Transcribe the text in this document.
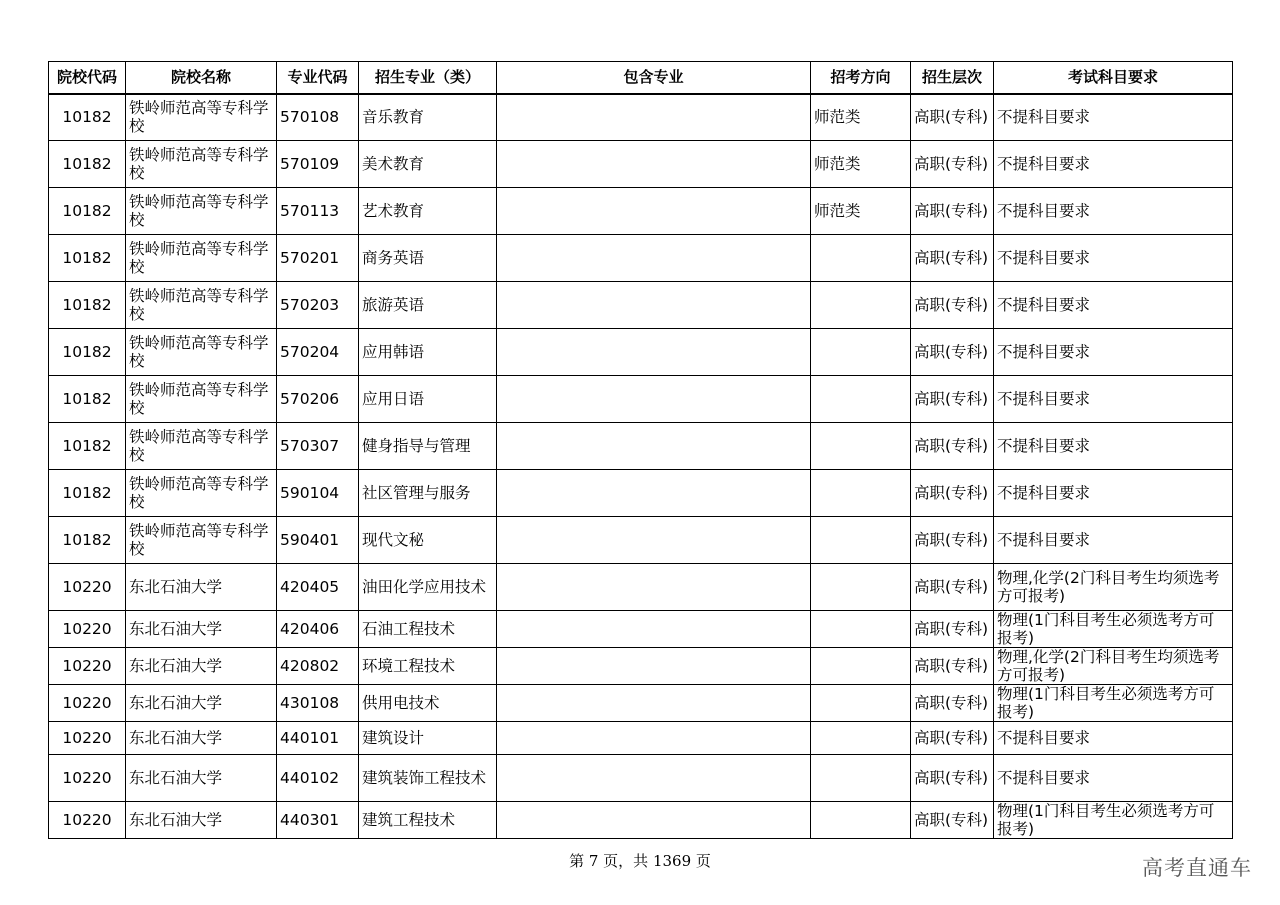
院校代码	院校名称	专业代码	招生专业（类）	包含专业	招考方向	招生层次	考试科目要求
10182	铁岭师范高等专科学校	570108	音乐教育		师范类	高职(专科)	不提科目要求
10182	铁岭师范高等专科学校	570109	美术教育		师范类	高职(专科)	不提科目要求
10182	铁岭师范高等专科学校	570113	艺术教育		师范类	高职(专科)	不提科目要求
10182	铁岭师范高等专科学校	570201	商务英语			高职(专科)	不提科目要求
10182	铁岭师范高等专科学校	570203	旅游英语			高职(专科)	不提科目要求
10182	铁岭师范高等专科学校	570204	应用韩语			高职(专科)	不提科目要求
10182	铁岭师范高等专科学校	570206	应用日语			高职(专科)	不提科目要求
10182	铁岭师范高等专科学校	570307	健身指导与管理			高职(专科)	不提科目要求
10182	铁岭师范高等专科学校	590104	社区管理与服务			高职(专科)	不提科目要求
10182	铁岭师范高等专科学校	590401	现代文秘			高职(专科)	不提科目要求
10220	东北石油大学	420405	油田化学应用技术			高职(专科)	物理,化学(2门科目考生均须选考方可报考)
10220	东北石油大学	420406	石油工程技术			高职(专科)	物理(1门科目考生必须选考方可报考)
10220	东北石油大学	420802	环境工程技术			高职(专科)	物理,化学(2门科目考生均须选考方可报考)
10220	东北石油大学	430108	供用电技术			高职(专科)	物理(1门科目考生必须选考方可报考)
10220	东北石油大学	440101	建筑设计			高职(专科)	不提科目要求
10220	东北石油大学	440102	建筑装饰工程技术			高职(专科)	不提科目要求
10220	东北石油大学	440301	建筑工程技术			高职(专科)	物理(1门科目考生必须选考方可报考)
第 7 页，共 1369 页	高考直通车
